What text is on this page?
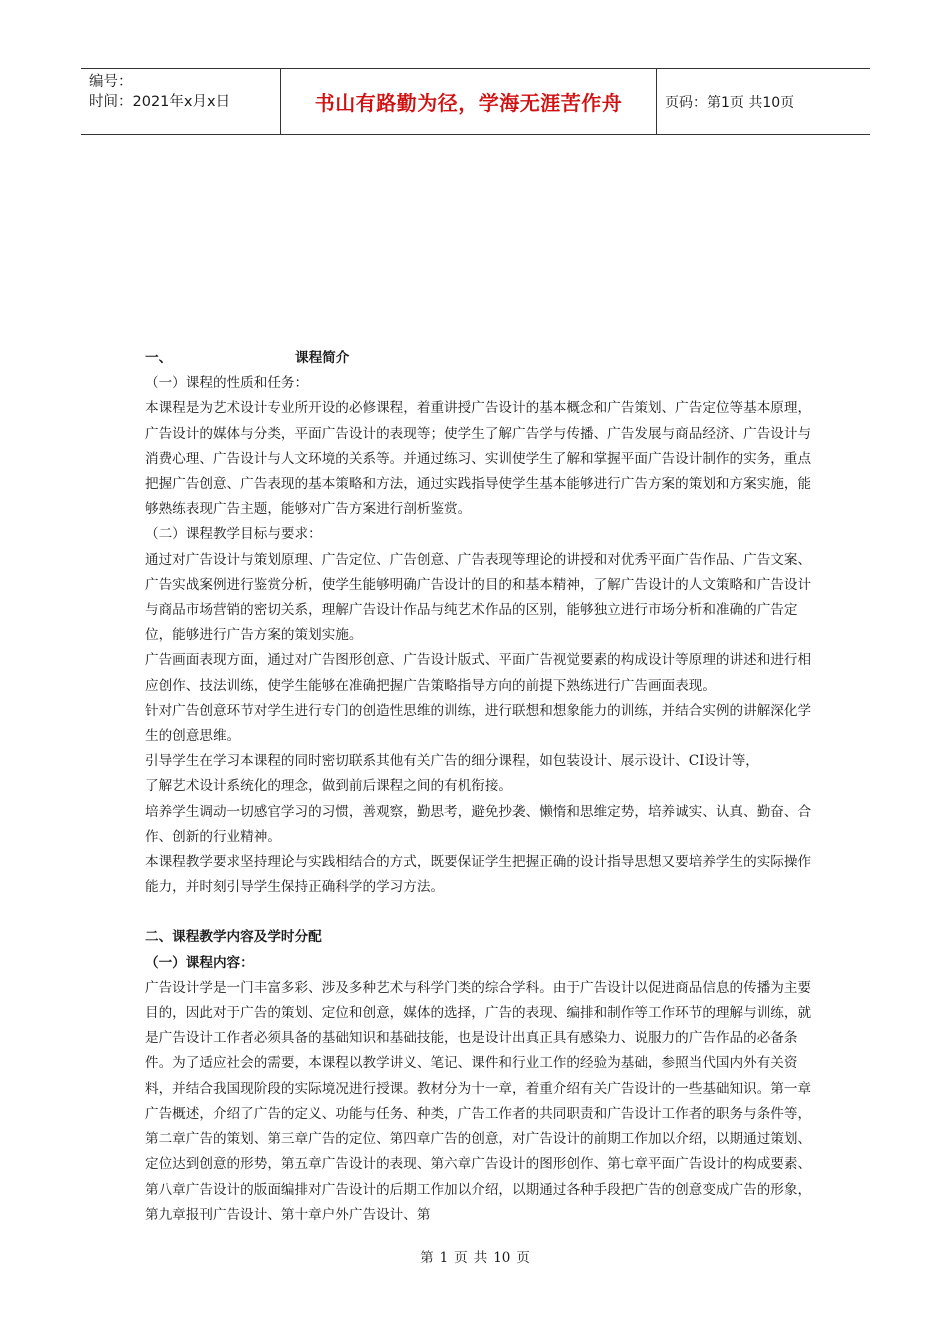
编号：
时间：2021年x月x日	书山有路勤为径，学海无涯苦作舟	页码：第1页 共10页

一、	课程简介

（一）课程的性质和任务：

本课程是为艺术设计专业所开设的必修课程，着重讲授广告设计的基本概念和广告策划、广告定位等基本原理，广告设计的媒体与分类，平面广告设计的表现等；使学生了解广告学与传播、广告发展与商品经济、广告设计与消费心理、广告设计与人文环境的关系等。并通过练习、实训使学生了解和掌握平面广告设计制作的实务，重点把握广告创意、广告表现的基本策略和方法，通过实践指导使学生基本能够进行广告方案的策划和方案实施，能够熟练表现广告主题，能够对广告方案进行剖析鉴赏。

（二）课程教学目标与要求：

通过对广告设计与策划原理、广告定位、广告创意、广告表现等理论的讲授和对优秀平面广告作品、广告文案、广告实战案例进行鉴赏分析，使学生能够明确广告设计的目的和基本精神，了解广告设计的人文策略和广告设计与商品市场营销的密切关系，理解广告设计作品与纯艺术作品的区别，能够独立进行市场分析和准确的广告定位，能够进行广告方案的策划实施。

广告画面表现方面，通过对广告图形创意、广告设计版式、平面广告视觉要素的构成设计等原理的讲述和进行相应创作、技法训练，使学生能够在准确把握广告策略指导方向的前提下熟练进行广告画面表现。

针对广告创意环节对学生进行专门的创造性思维的训练，进行联想和想象能力的训练，并结合实例的讲解深化学生的创意思维。

引导学生在学习本课程的同时密切联系其他有关广告的细分课程，如包装设计、展示设计、CI设计等，

了解艺术设计系统化的理念，做到前后课程之间的有机衔接。

培养学生调动一切感官学习的习惯，善观察，勤思考，避免抄袭、懒惰和思维定势，培养诚实、认真、勤奋、合作、创新的行业精神。

本课程教学要求坚持理论与实践相结合的方式，既要保证学生把握正确的设计指导思想又要培养学生的实际操作能力，并时刻引导学生保持正确科学的学习方法。

二、课程教学内容及学时分配

（一）课程内容：

广告设计学是一门丰富多彩、涉及多种艺术与科学门类的综合学科。由于广告设计以促进商品信息的传播为主要目的，因此对于广告的策划、定位和创意，媒体的选择，广告的表现、编排和制作等工作环节的理解与训练，就是广告设计工作者必须具备的基础知识和基础技能，也是设计出真正具有感染力、说服力的广告作品的必备条件。为了适应社会的需要，本课程以教学讲义、笔记、课件和行业工作的经验为基础，参照当代国内外有关资料，并结合我国现阶段的实际境况进行授课。教材分为十一章，着重介绍有关广告设计的一些基础知识。第一章广告概述，介绍了广告的定义、功能与任务、种类，广告工作者的共同职责和广告设计工作者的职务与条件等，第二章广告的策划、第三章广告的定位、第四章广告的创意，对广告设计的前期工作加以介绍，以期通过策划、定位达到创意的形势，第五章广告设计的表现、第六章广告设计的图形创作、第七章平面广告设计的构成要素、第八章广告设计的版面编排对广告设计的后期工作加以介绍，以期通过各种手段把广告的创意变成广告的形象，第九章报刊广告设计、第十章户外广告设计、第

第 1 页 共 10 页
